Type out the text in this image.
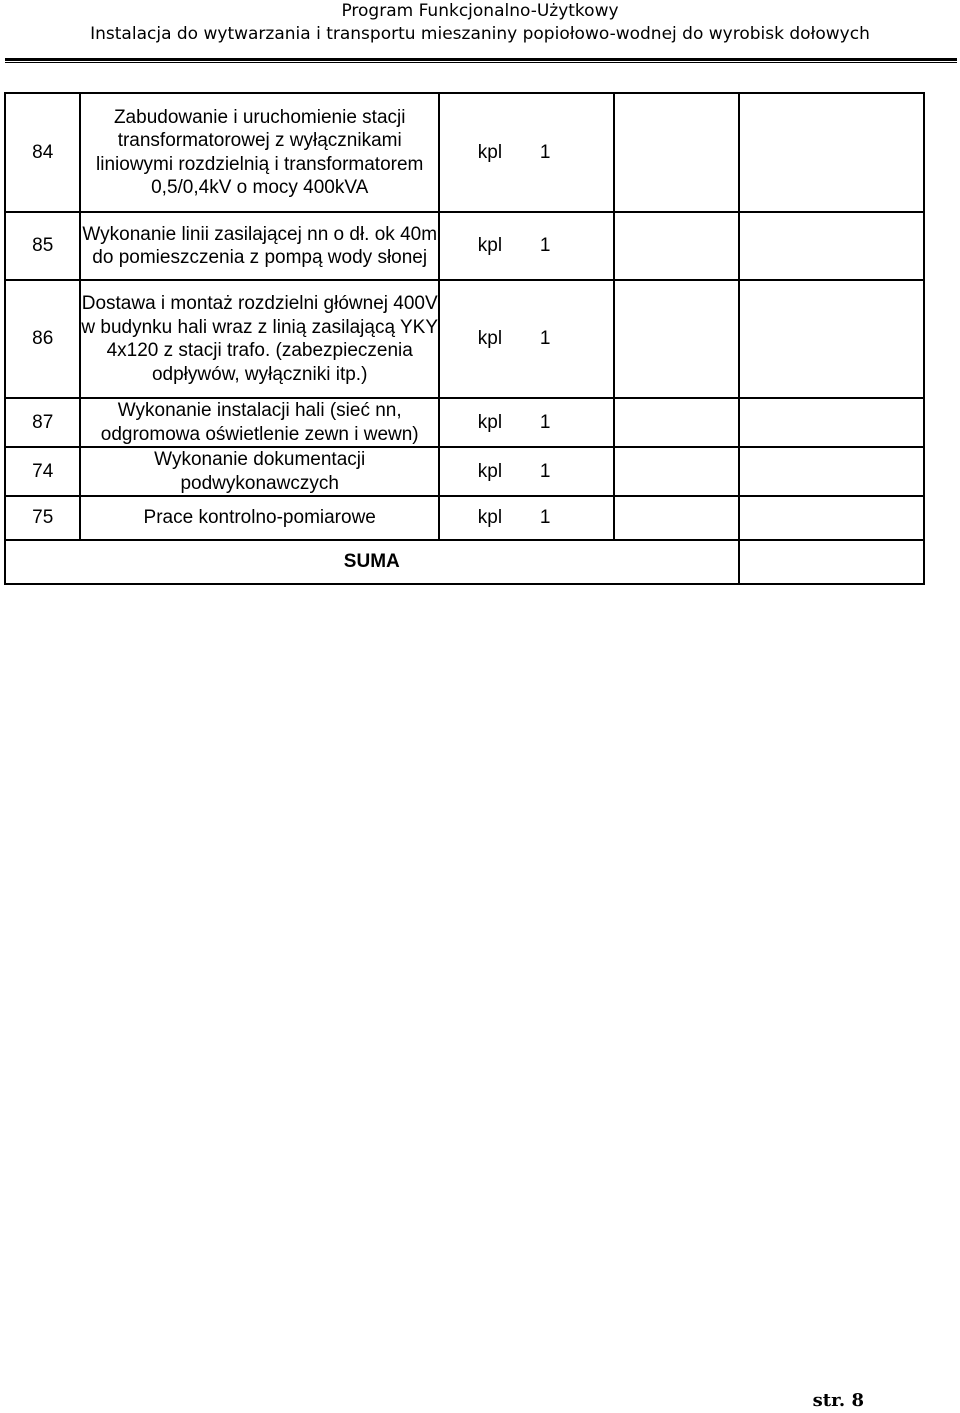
Program Funkcjonalno-Użytkowy
Instalacja do wytwarzania i transportu mieszaniny popiołowo-wodnej do wyrobisk dołowych
84	Zabudowanie i uruchomienie stacji transformatorowej z wyłącznikami liniowymi rozdzielnią i transformatorem 0,5/0,4kV o mocy 400kVA	kpl	1		
85	Wykonanie linii zasilającej nn o dł. ok 40m do pomieszczenia z pompą wody słonej	kpl	1		
86	Dostawa i montaż rozdzielni głównej 400V w budynku hali wraz z linią zasilającą YKY 4x120 z stacji trafo. (zabezpieczenia odpływów, wyłączniki itp.)	kpl	1		
87	Wykonanie instalacji hali (sieć nn, odgromowa oświetlenie zewn i wewn)	kpl	1		
74	Wykonanie dokumentacji podwykonawczych	kpl	1		
75	Prace kontrolno-pomiarowe	kpl	1		
SUMA					
str. 8
